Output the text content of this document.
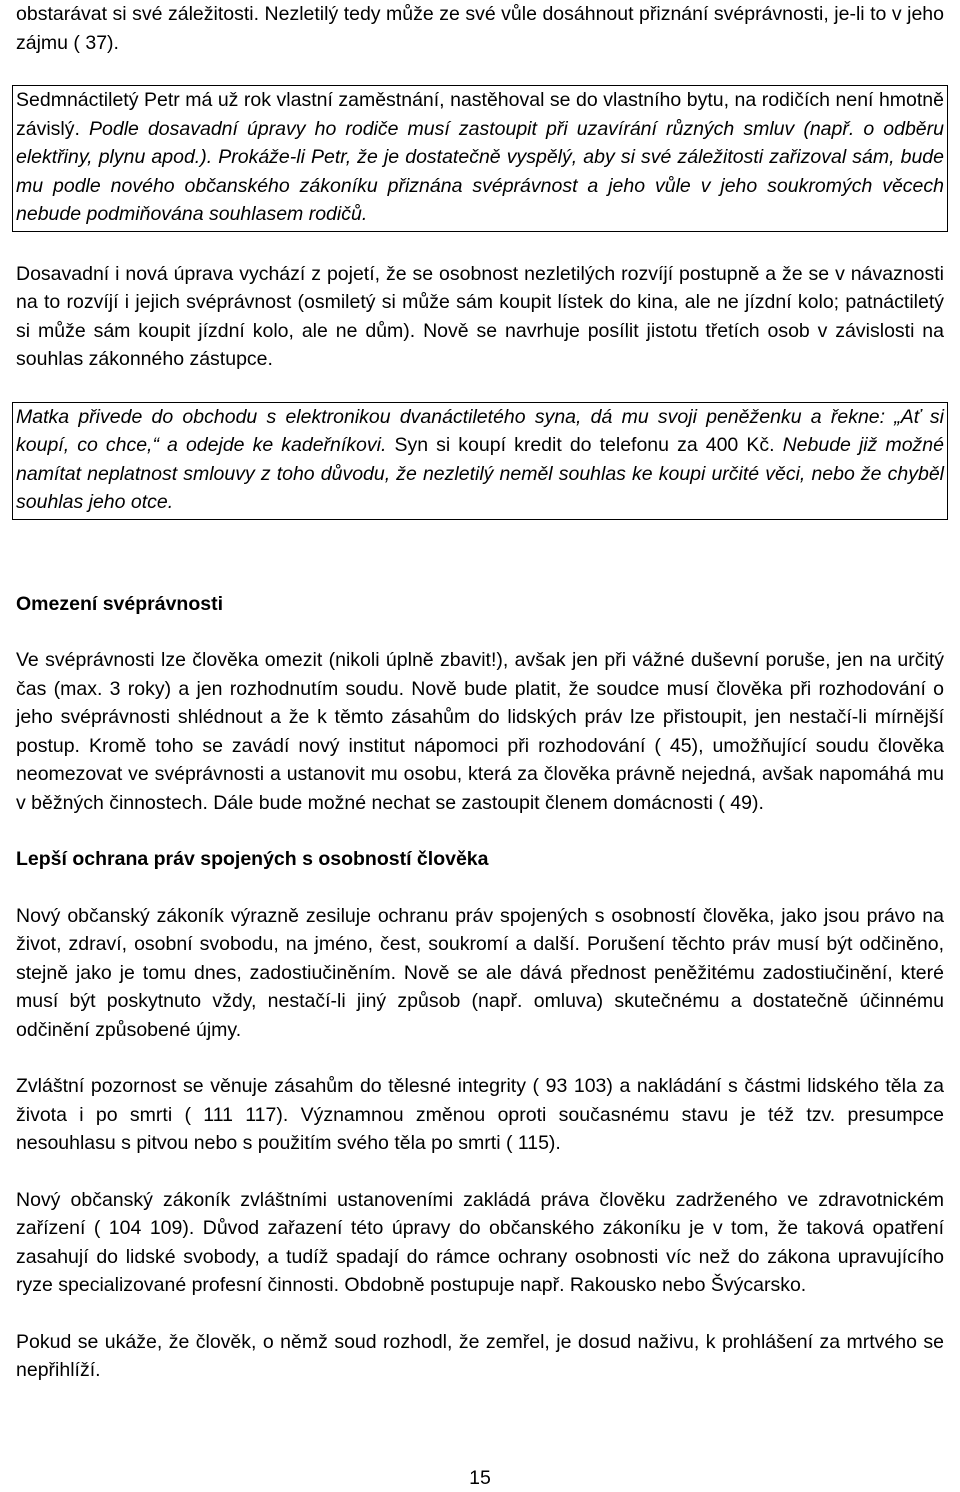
obstarávat si své záležitosti. Nezletilý tedy může ze své vůle dosáhnout přiznání svéprávnosti, je-li to v jeho zájmu ( 37).

Sedmnáctiletý Petr má už rok vlastní zaměstnání, nastěhoval se do vlastního bytu, na rodičích není hmotně závislý. Podle dosavadní úpravy ho rodiče musí zastoupit při uzavírání různých smluv (např. o odběru elektřiny, plynu apod.). Prokáže-li Petr, že je dostatečně vyspělý, aby si své záležitosti zařizoval sám, bude mu podle nového občanského zákoníku přiznána svéprávnost a jeho vůle v jeho soukromých věcech nebude podmiňována souhlasem rodičů.

Dosavadní i nová úprava vychází z pojetí, že se osobnost nezletilých rozvíjí postupně a že se v návaznosti na to rozvíjí i jejich svéprávnost (osmiletý si může sám koupit lístek do kina, ale ne jízdní kolo; patnáctiletý si může sám koupit jízdní kolo, ale ne dům). Nově se navrhuje posílit jistotu třetích osob v závislosti na souhlas zákonného zástupce.

Matka přivede do obchodu s elektronikou dvanáctiletého syna, dá mu svoji peněženku a řekne: „Ať si koupí, co chce,“ a odejde ke kadeřníkovi. Syn si koupí kredit do telefonu za 400 Kč. Nebude již možné namítat neplatnost smlouvy z toho důvodu, že nezletilý neměl souhlas ke koupi určité věci, nebo že chyběl souhlas jeho otce.

Omezení svéprávnosti

Ve svéprávnosti lze člověka omezit (nikoli úplně zbavit!), avšak jen při vážné duševní poruše, jen na určitý čas (max. 3 roky) a jen rozhodnutím soudu. Nově bude platit, že soudce musí člověka při rozhodování o jeho svéprávnosti shlédnout a že k těmto zásahům do lidských práv lze přistoupit, jen nestačí-li mírnější postup. Kromě toho se zavádí nový institut nápomoci při rozhodování ( 45), umožňující soudu člověka neomezovat ve svéprávnosti a ustanovit mu osobu, která za člověka právně nejedná, avšak napomáhá mu v běžných činnostech. Dále bude možné nechat se zastoupit členem domácnosti ( 49).

Lepší ochrana práv spojených s osobností člověka

Nový občanský zákoník výrazně zesiluje ochranu práv spojených s osobností člověka, jako jsou právo na život, zdraví, osobní svobodu, na jméno, čest, soukromí a další. Porušení těchto práv musí být odčiněno, stejně jako je tomu dnes, zadostiučiněním. Nově se ale dává přednost peněžitému zadostiučinění, které musí být poskytnuto vždy, nestačí-li jiný způsob (např. omluva) skutečnému a dostatečně účinnému odčinění způsobené újmy.

Zvláštní pozornost se věnuje zásahům do tělesné integrity ( 93 103) a nakládání s částmi lidského těla za života i po smrti ( 111 117). Významnou změnou oproti současnému stavu je též tzv. presumpce nesouhlasu s pitvou nebo s použitím svého těla po smrti ( 115).

Nový občanský zákoník zvláštními ustanoveními zakládá práva člověku zadrženého ve zdravotnickém zařízení ( 104 109). Důvod zařazení této úpravy do občanského zákoníku je v tom, že taková opatření zasahují do lidské svobody, a tudíž spadají do rámce ochrany osobnosti víc než do zákona upravujícího ryze specializované profesní činnosti. Obdobně postupuje např. Rakousko nebo Švýcarsko.

Pokud se ukáže, že člověk, o němž soud rozhodl, že zemřel, je dosud naživu, k prohlášení za mrtvého se nepřihlíží.

15
